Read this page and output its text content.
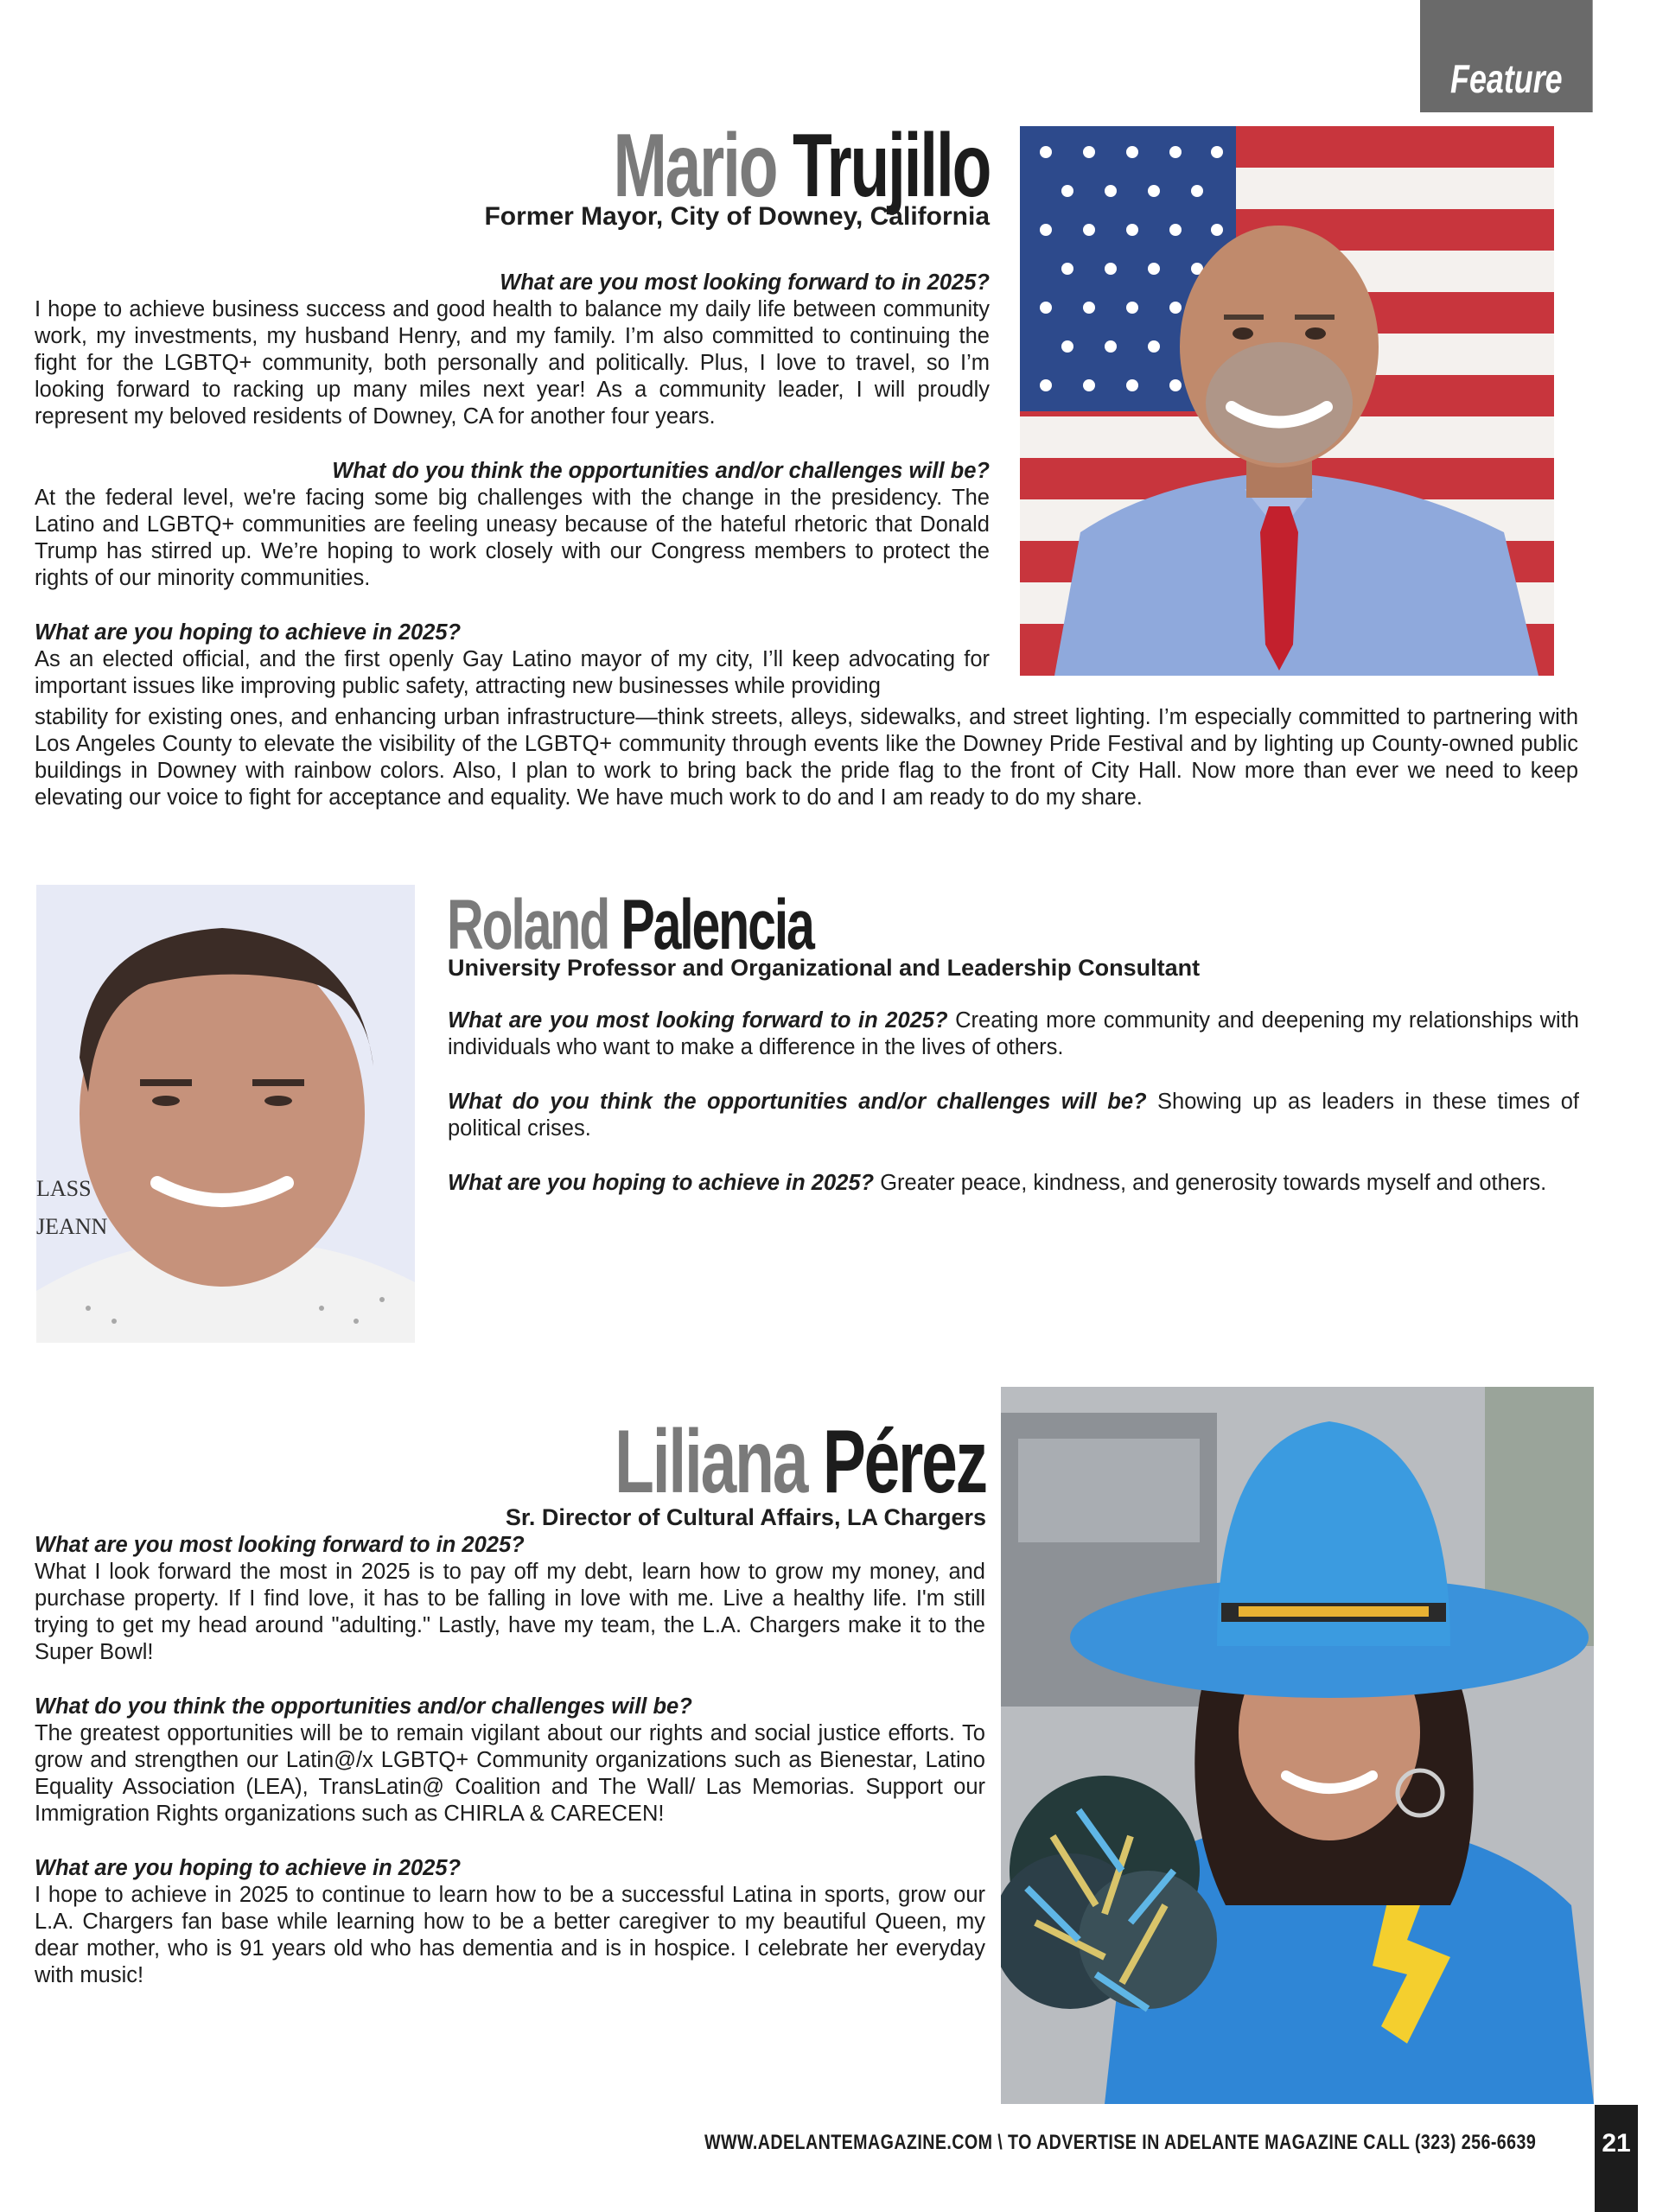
Feature
Mario Trujillo
Former Mayor, City of Downey, California
What are you most looking forward to in 2025?
I hope to achieve business success and good health to balance my daily life between community work, my investments, my husband Henry, and my family. I’m also committed to continuing the fight for the LGBTQ+ community, both personally and politically. Plus, I love to travel, so I’m looking forward to racking up many miles next year! As a community leader, I will proudly represent my beloved residents of Downey, CA for another four years.
What do you think the opportunities and/or challenges will be?
At the federal level, we're facing some big challenges with the change in the presidency. The Latino and LGBTQ+ communities are feeling uneasy because of the hateful rhetoric that Donald Trump has stirred up. We’re hoping to work closely with our Congress members to protect the rights of our minority communities.
What are you hoping to achieve in 2025?
As an elected official, and the first openly Gay Latino mayor of my city, I’ll keep advocating for important issues like improving public safety, attracting new businesses while providing
stability for existing ones, and enhancing urban infrastructure—think streets, alleys, sidewalks, and street lighting. I’m especially committed to partnering with Los Angeles County to elevate the visibility of the LGBTQ+ community through events like the Downey Pride Festival and by lighting up County-owned public buildings in Downey with rainbow colors. Also, I plan to work to bring back the pride flag to the front of City Hall. Now more than ever we need to keep elevating our voice to fight for acceptance and equality. We have much work to do and I am ready to do my share.
LASS
JEANN
Roland Palencia
University Professor and Organizational and Leadership Consultant
What are you most looking forward to in 2025? Creating more community and deepening my relationships with individuals who want to make a difference in the lives of others.
What do you think the opportunities and/or challenges will be? Showing up as leaders in these times of political crises.
What are you hoping to achieve in 2025? Greater peace, kindness, and generosity towards myself and others.
Liliana Pérez
Sr. Director of Cultural Affairs, LA Chargers
What are you most looking forward to in 2025?
What I look forward the most in 2025 is to pay off my debt, learn how to grow my money, and purchase property. If I find love, it has to be falling in love with me. Live a healthy life. I'm still trying to get my head around "adulting." Lastly, have my team, the L.A. Chargers make it to the Super Bowl!
What do you think the opportunities and/or challenges will be?
The greatest opportunities will be to remain vigilant about our rights and social justice efforts. To grow and strengthen our Latin@/x LGBTQ+ Community organizations such as Bienestar, Latino Equality Association (LEA), TransLatin@ Coalition and The Wall/ Las Memorias. Support our Immigration Rights organizations such as CHIRLA & CARECEN!
What are you hoping to achieve in 2025?
I hope to achieve in 2025 to continue to learn how to be a successful Latina in sports, grow our L.A. Chargers fan base while learning how to be a better caregiver to my beautiful Queen, my dear mother, who is 91 years old who has dementia and is in hospice. I celebrate her everyday with music!
WWW.ADELANTEMAGAZINE.COM \ TO ADVERTISE IN ADELANTE MAGAZINE CALL (323) 256-6639	21
